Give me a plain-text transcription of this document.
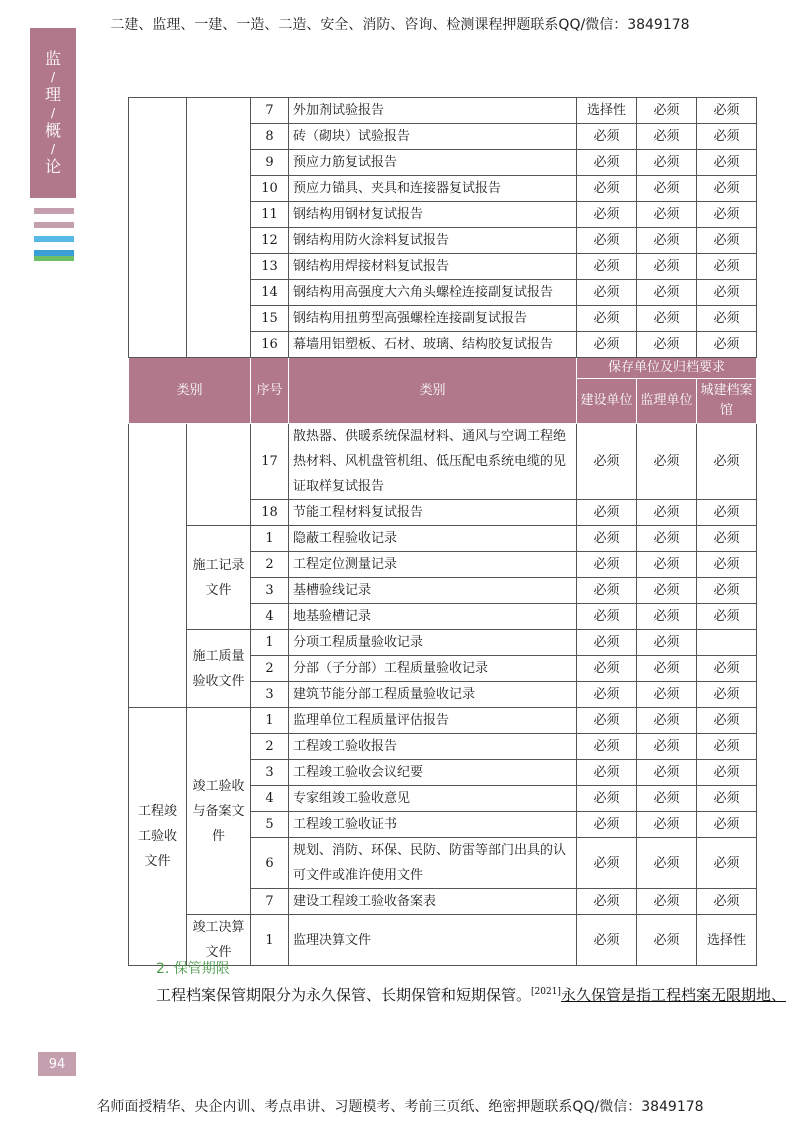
二建、监理、一建、一造、二造、安全、消防、咨询、检测课程押题联系QQ/微信：3849178
监
/
理
/
概
/
论
		7	外加剂试验报告	选择性	必须	必须
		8	砖（砌块）试验报告	必须	必须	必须
		9	预应力筋复试报告	必须	必须	必须
		10	预应力锚具、夹具和连接器复试报告	必须	必须	必须
		11	钢结构用钢材复试报告	必须	必须	必须
		12	钢结构用防火涂料复试报告	必须	必须	必须
		13	钢结构用焊接材料复试报告	必须	必须	必须
		14	钢结构用高强度大六角头螺栓连接副复试报告	必须	必须	必须
		15	钢结构用扭剪型高强螺栓连接副复试报告	必须	必须	必须
		16	幕墙用铝塑板、石材、玻璃、结构胶复试报告	必须	必须	必须
类别		序号	类别	保存单位及归档要求		
				建设单位	监理单位	城建档案馆
		17	散热器、供暖系统保温材料、通风与空调工程绝热材料、风机盘管机组、低压配电系统电缆的见证取样复试报告	必须	必须	必须
		18	节能工程材料复试报告	必须	必须	必须
	施工记录文件	1	隐蔽工程验收记录	必须	必须	必须
		2	工程定位测量记录	必须	必须	必须
		3	基槽验线记录	必须	必须	必须
		4	地基验槽记录	必须	必须	必须
	施工质量验收文件	1	分项工程质量验收记录	必须	必须	
		2	分部（子分部）工程质量验收记录	必须	必须	必须
		3	建筑节能分部工程质量验收记录	必须	必须	必须
工程竣工验收文件	竣工验收与备案文件	1	监理单位工程质量评估报告	必须	必须	必须
		2	工程竣工验收报告	必须	必须	必须
		3	工程竣工验收会议纪要	必须	必须	必须
		4	专家组竣工验收意见	必须	必须	必须
		5	工程竣工验收证书	必须	必须	必须
		6	规划、消防、环保、民防、防雷等部门出具的认可文件或准许使用文件	必须	必须	必须
		7	建设工程竣工验收备案表	必须	必须	必须
	竣工决算文件	1	监理决算文件	必须	必须	选择性
2. 保管期限
工程档案保管期限分为永久保管、长期保管和短期保管。[2021]永久保管是指工程档案无限期地、
94
名师面授精华、央企内训、考点串讲、习题模考、考前三页纸、绝密押题联系QQ/微信：3849178
